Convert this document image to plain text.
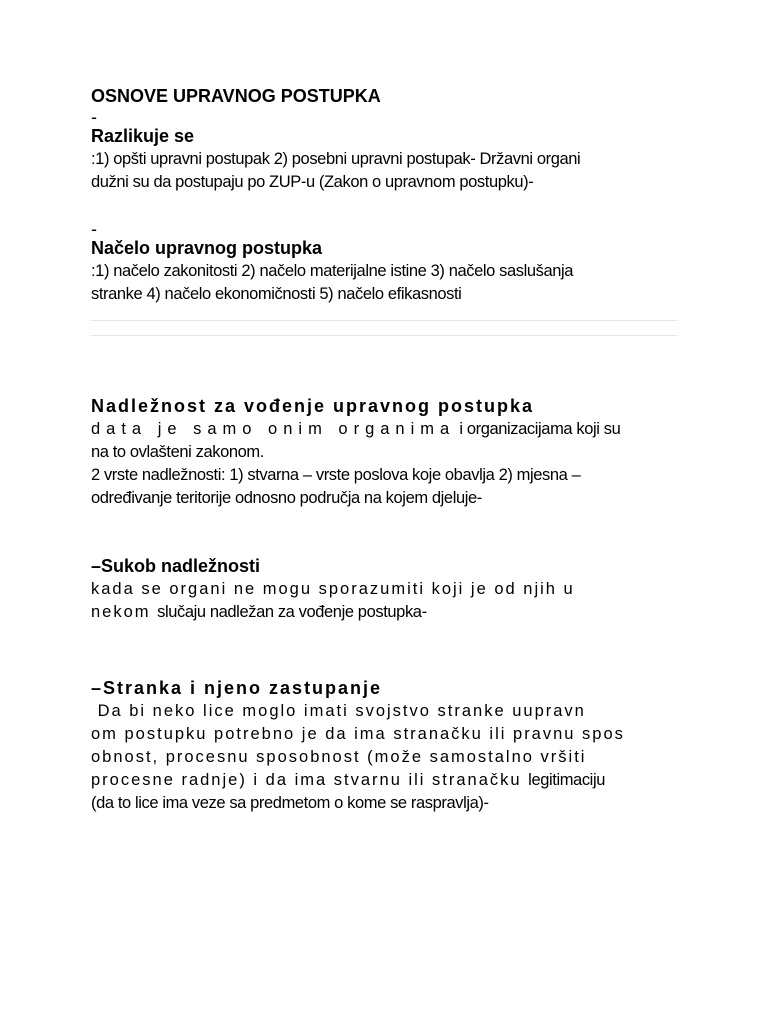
OSNOVE UPRAVNOG POSTUPKA
-
Razlikuje se
:1) opšti upravni postupak 2) posebni upravni postupak- Državni organi
dužni su da postupaju po ZUP-u (Zakon o upravnom postupku)-
-
Načelo upravnog postupka
:1) načelo zakonitosti 2) načelo materijalne istine 3) načelo saslušanja
stranke 4) načelo ekonomičnosti 5) načelo efikasnosti
Nadležnost za vođenje upravnog postupka
data je samo onim organima i organizacijama koji su
na to ovlašteni zakonom.
2 vrste nadležnosti: 1) stvarna – vrste poslova koje obavlja 2) mjesna –
određivanje teritorije odnosno područja na kojem djeluje-
–Sukob nadležnosti
kada se organi ne mogu sporazumiti koji je od njih u
nekom slučaju nadležan za vođenje postupka-
–Stranka i njeno zastupanje
Da bi neko lice moglo imati svojstvo stranke uupravn
om postupku potrebno je da ima stranačku ili pravnu spos
obnost, procesnu sposobnost (može samostalno vršiti
procesne radnje) i da ima stvarnu ili stranačku legitimaciju
(da to lice ima veze sa predmetom o kome se raspravlja)-
